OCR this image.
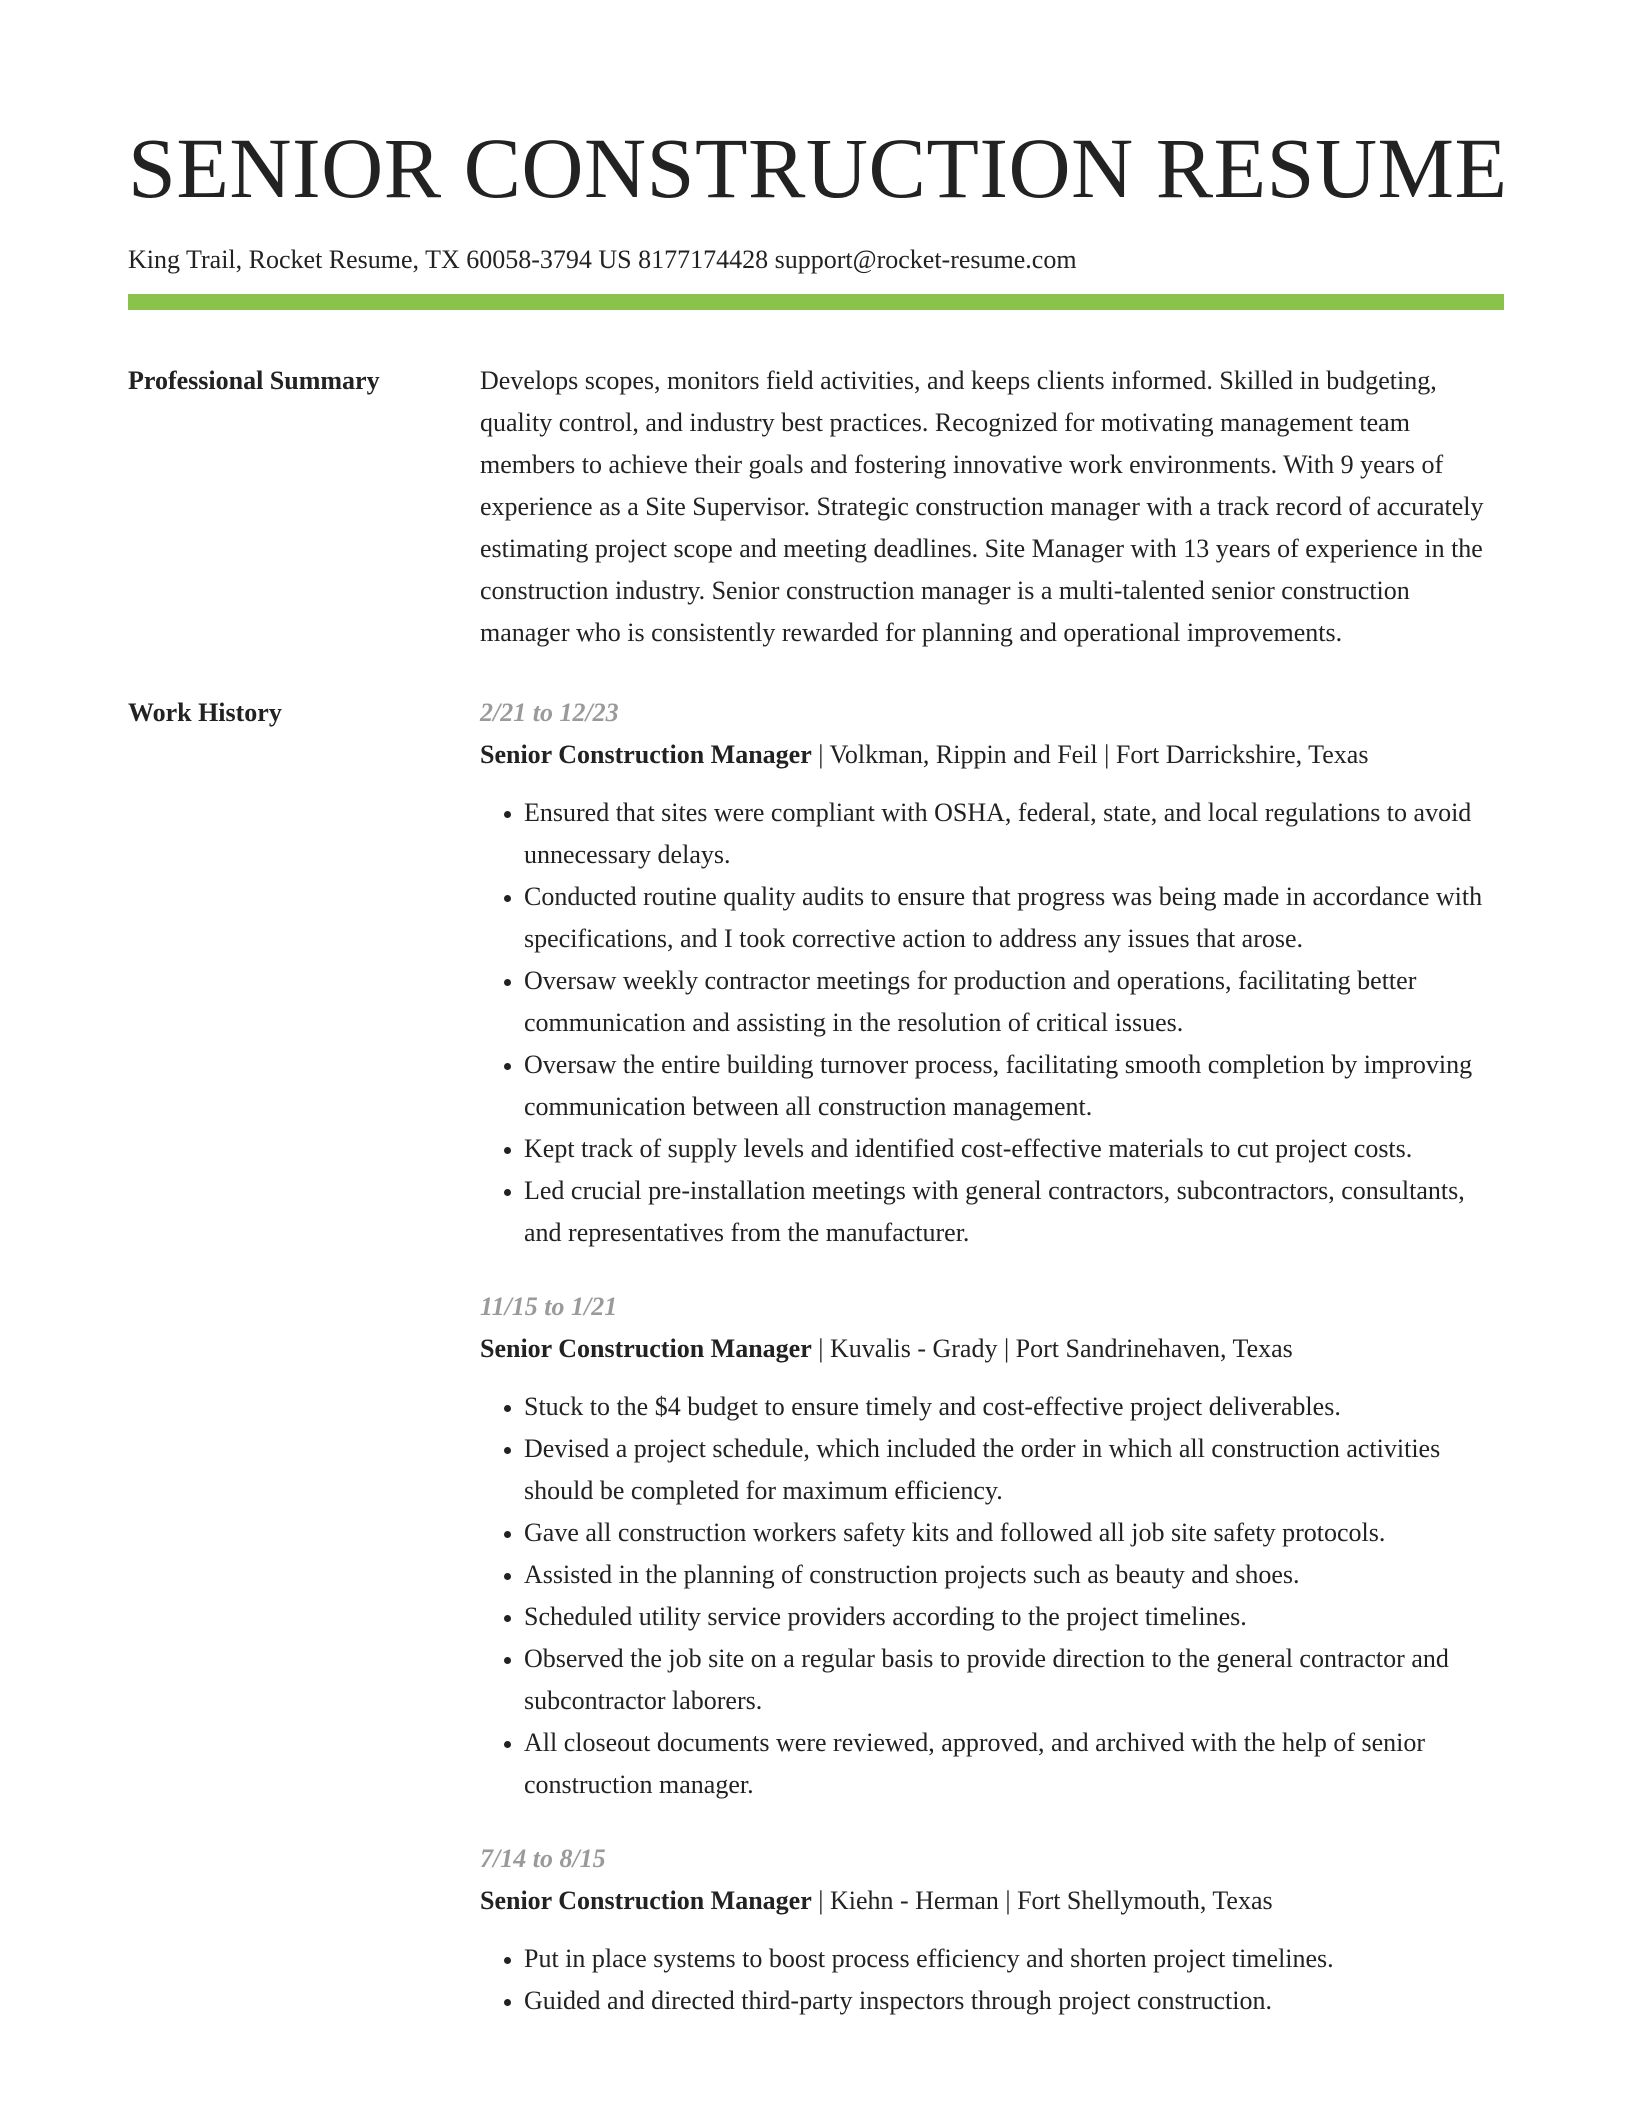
SENIOR CONSTRUCTION RESUME
King Trail, Rocket Resume, TX 60058-3794 US 8177174428 support@rocket-resume.com
Professional Summary	Develops scopes, monitors field activities, and keeps clients informed. Skilled in budgeting, quality control, and industry best practices. Recognized for motivating management team members to achieve their goals and fostering innovative work environments. With 9 years of experience as a Site Supervisor. Strategic construction manager with a track record of accurately estimating project scope and meeting deadlines. Site Manager with 13 years of experience in the construction industry. Senior construction manager is a multi-talented senior construction manager who is consistently rewarded for planning and operational improvements.
Work History	2/21 to 12/23
Senior Construction Manager | Volkman, Rippin and Feil | Fort Darrickshire, Texas
• Ensured that sites were compliant with OSHA, federal, state, and local regulations to avoid unnecessary delays.
• Conducted routine quality audits to ensure that progress was being made in accordance with specifications, and I took corrective action to address any issues that arose.
• Oversaw weekly contractor meetings for production and operations, facilitating better communication and assisting in the resolution of critical issues.
• Oversaw the entire building turnover process, facilitating smooth completion by improving communication between all construction management.
• Kept track of supply levels and identified cost-effective materials to cut project costs.
• Led crucial pre-installation meetings with general contractors, subcontractors, consultants, and representatives from the manufacturer.
11/15 to 1/21
Senior Construction Manager | Kuvalis - Grady | Port Sandrinehaven, Texas
• Stuck to the $4 budget to ensure timely and cost-effective project deliverables.
• Devised a project schedule, which included the order in which all construction activities should be completed for maximum efficiency.
• Gave all construction workers safety kits and followed all job site safety protocols.
• Assisted in the planning of construction projects such as beauty and shoes.
• Scheduled utility service providers according to the project timelines.
• Observed the job site on a regular basis to provide direction to the general contractor and subcontractor laborers.
• All closeout documents were reviewed, approved, and archived with the help of senior construction manager.
7/14 to 8/15
Senior Construction Manager | Kiehn - Herman | Fort Shellymouth, Texas
• Put in place systems to boost process efficiency and shorten project timelines.
• Guided and directed third-party inspectors through project construction.
